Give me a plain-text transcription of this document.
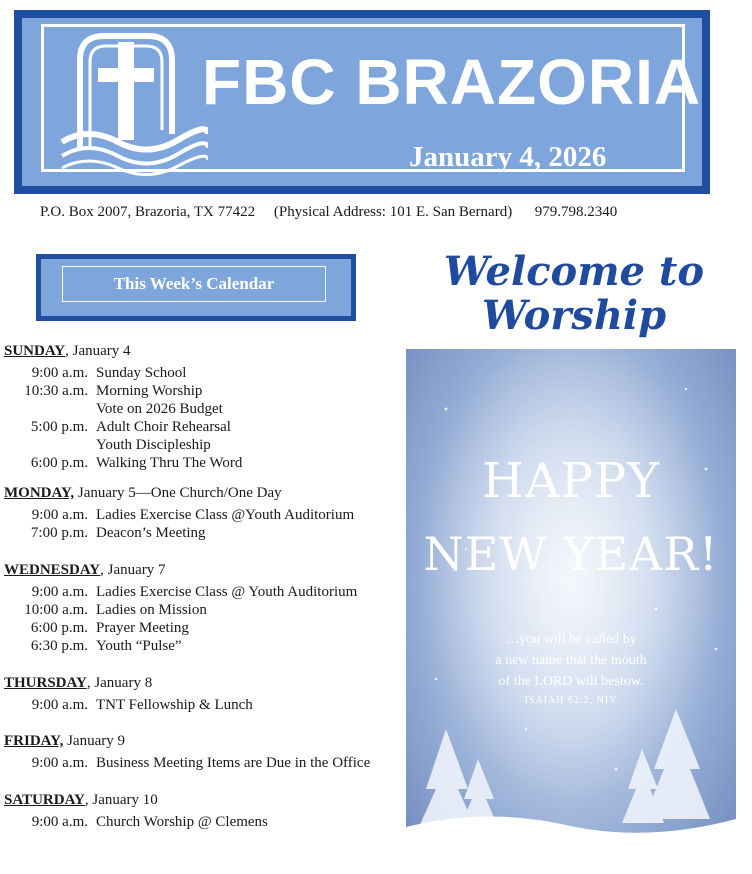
FBC BRAZORIA
January 4, 2026
P.O. Box 2007, Brazoria, TX 77422 (Physical Address: 101 E. San Bernard) 979.798.2340
This Week’s Calendar
SUNDAY, January 4
9:00 a.m. Sunday School
10:30 a.m. Morning Worship
Vote on 2026 Budget
5:00 p.m. Adult Choir Rehearsal
Youth Discipleship
6:00 p.m. Walking Thru The Word
MONDAY, January 5—One Church/One Day
9:00 a.m. Ladies Exercise Class @Youth Auditorium
7:00 p.m. Deacon’s Meeting
WEDNESDAY, January 7
9:00 a.m. Ladies Exercise Class @ Youth Auditorium
10:00 a.m. Ladies on Mission
6:00 p.m. Prayer Meeting
6:30 p.m. Youth “Pulse”
THURSDAY, January 8
9:00 a.m. TNT Fellowship & Lunch
FRIDAY, January 9
9:00 a.m. Business Meeting Items are Due in the Office
SATURDAY, January 10
9:00 a.m. Church Worship @ Clemens
Welcome to
Worship
HAPPY
NEW YEAR!
…you will be called by
a new name that the mouth
of the LORD will bestow.
ISAIAH 62:2, NIV
